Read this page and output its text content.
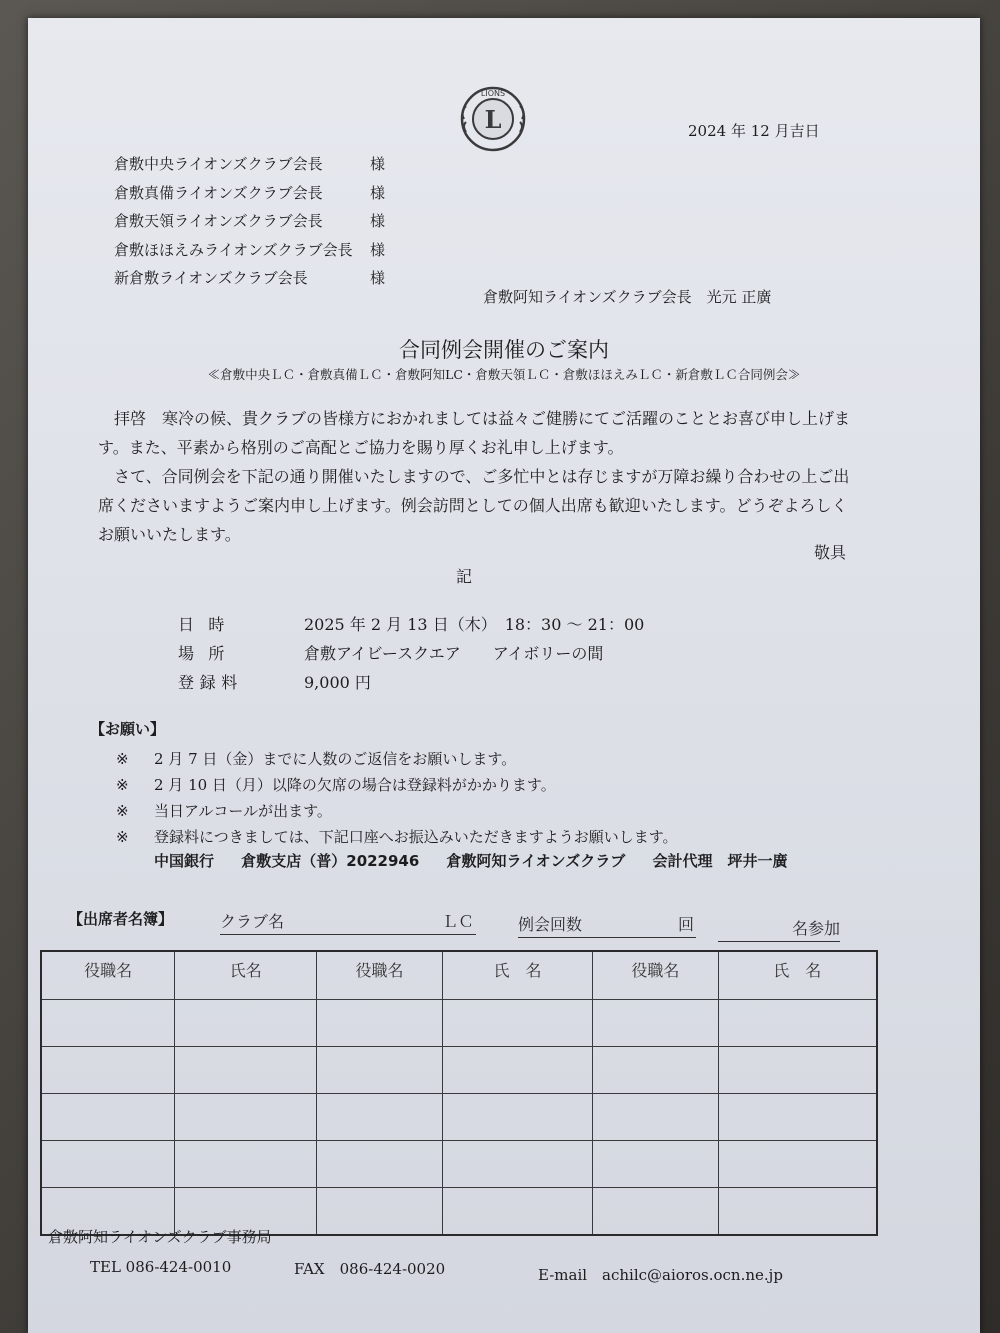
LIONS
L	2024 年 12 月吉日
倉敷中央ライオンズクラブ会長	様
倉敷真備ライオンズクラブ会長	様
倉敷天領ライオンズクラブ会長	様
倉敷ほほえみライオンズクラブ会長	様
新倉敷ライオンズクラブ会長	様
倉敷阿知ライオンズクラブ会長　光元 正廣
合同例会開催のご案内
≪倉敷中央ＬＣ・倉敷真備ＬＣ・倉敷阿知LC・倉敷天領ＬＣ・倉敷ほほえみＬＣ・新倉敷ＬＣ合同例会≫

拝啓　寒冷の候、貴クラブの皆様方におかれましては益々ご健勝にてご活躍のこととお喜び申し上げます。また、平素から格別のご高配とご協力を賜り厚くお礼申し上げます。

さて、合同例会を下記の通り開催いたしますので、ご多忙中とは存じますが万障お繰り合わせの上ご出席くださいますようご案内申し上げます。例会訪問としての個人出席も歓迎いたします。どうぞよろしくお願いいたします。

敬具
記
日時	2025 年 2 月 13 日（木）　18：30 〜 21：00
場所	倉敷アイビースクエア　　アイボリーの間
登録料	9,000 円
【お願い】
※	2 月 7 日（金）までに人数のご返信をお願いします。
※	2 月 10 日（月）以降の欠席の場合は登録料がかかります。
※	当日アルコールが出ます。
※	登録料につきましては、下記口座へお振込みいただきますようお願いします。
中国銀行 倉敷支店（普）2022946 倉敷阿知ライオンズクラブ 会計代理　坪井一廣
【出席者名簿】	クラブ名	ＬＣ	例会回数	回	名参加
役職名	氏名	役職名	氏　名	役職名	氏　名

倉敷阿知ライオンズクラブ事務局
TEL 086-424-0010	FAX　086-424-0020	E-mail　achilc@aioros.ocn.ne.jp
